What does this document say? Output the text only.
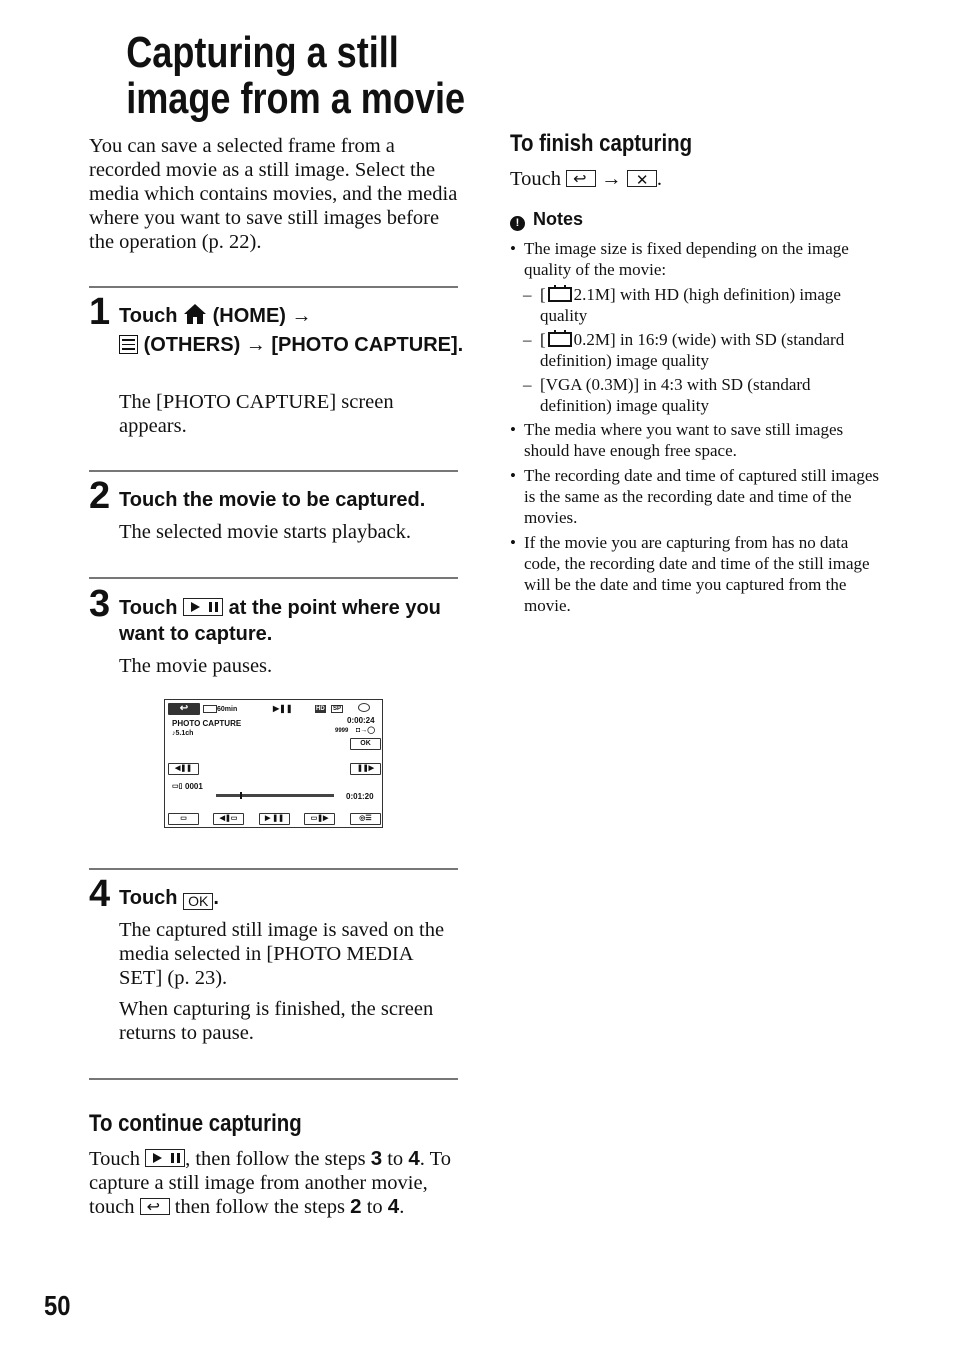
Capturing a still
image from a movie
You can save a selected frame from a recorded movie as a still image. Select the media which contains movies, and the media where you want to save still images before the operation (p. 22).
1 Touch (HOME) →

(OTHERS) → [PHOTO CAPTURE].
The [PHOTO CAPTURE] screen appears.
2 Touch the movie to be captured.
The selected movie starts playback.
3 Touch	at the point where you want to capture.
The movie pauses.
↩	60min	▶❚❚	HD	SP
PHOTO CAPTURE
♪5.1ch
0:00:24
9999 ◘→◯
OK
◀❚❚	❚❚▶
▭▯ 0001
0:01:20
▭	◀❚▭	▶ ❚❚	▭❚▶	◎☰
4 Touch OK .
The captured still image is saved on the media selected in [PHOTO MEDIA SET] (p. 23).
When capturing is finished, the screen returns to pause.
To continue capturing
Touch , then follow the steps 3 to 4. To capture a still image from another movie, touch ↩ then follow the steps 2 to 4.
To finish capturing
Touch ↩ → ✕ .
! Notes
• The image size is fixed depending on the image quality of the movie:
– [ 2.1M] with HD (high definition) image quality
– [ 0.2M] in 16:9 (wide) with SD (standard definition) image quality
– [VGA (0.3M)] in 4:3 with SD (standard definition) image quality
• The media where you want to save still images should have enough free space.
• The recording date and time of captured still images is the same as the recording date and time of the movies.
• If the movie you are capturing from has no data code, the recording date and time of the still image will be the date and time you captured from the movie.
50
